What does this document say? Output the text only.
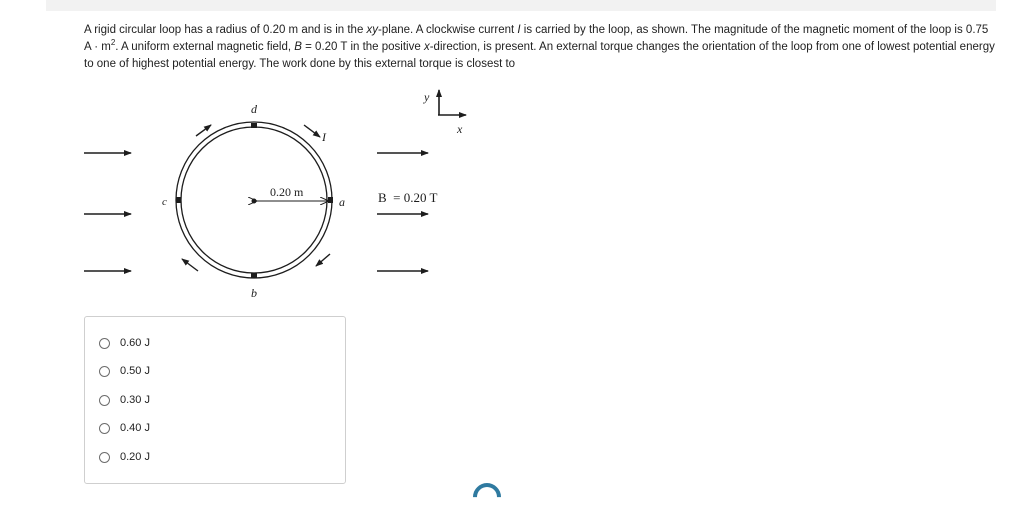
A rigid circular loop has a radius of 0.20 m and is in the xy-plane. A clockwise current I is carried by the loop, as shown. The magnitude of the magnetic moment of the loop is 0.75 $A \cdot m^2$. A uniform external magnetic field, B = 0.20 T in the positive x-direction, is present. An external torque changes the orientation of the loop from one of lowest potential energy to one of highest potential energy. The work done by this external torque is closest to

d
b
c	a
I
0.20 m	B  = 0.20 T
y
x
0.60 J
0.50 J
0.30 J
0.40 J
0.20 J
